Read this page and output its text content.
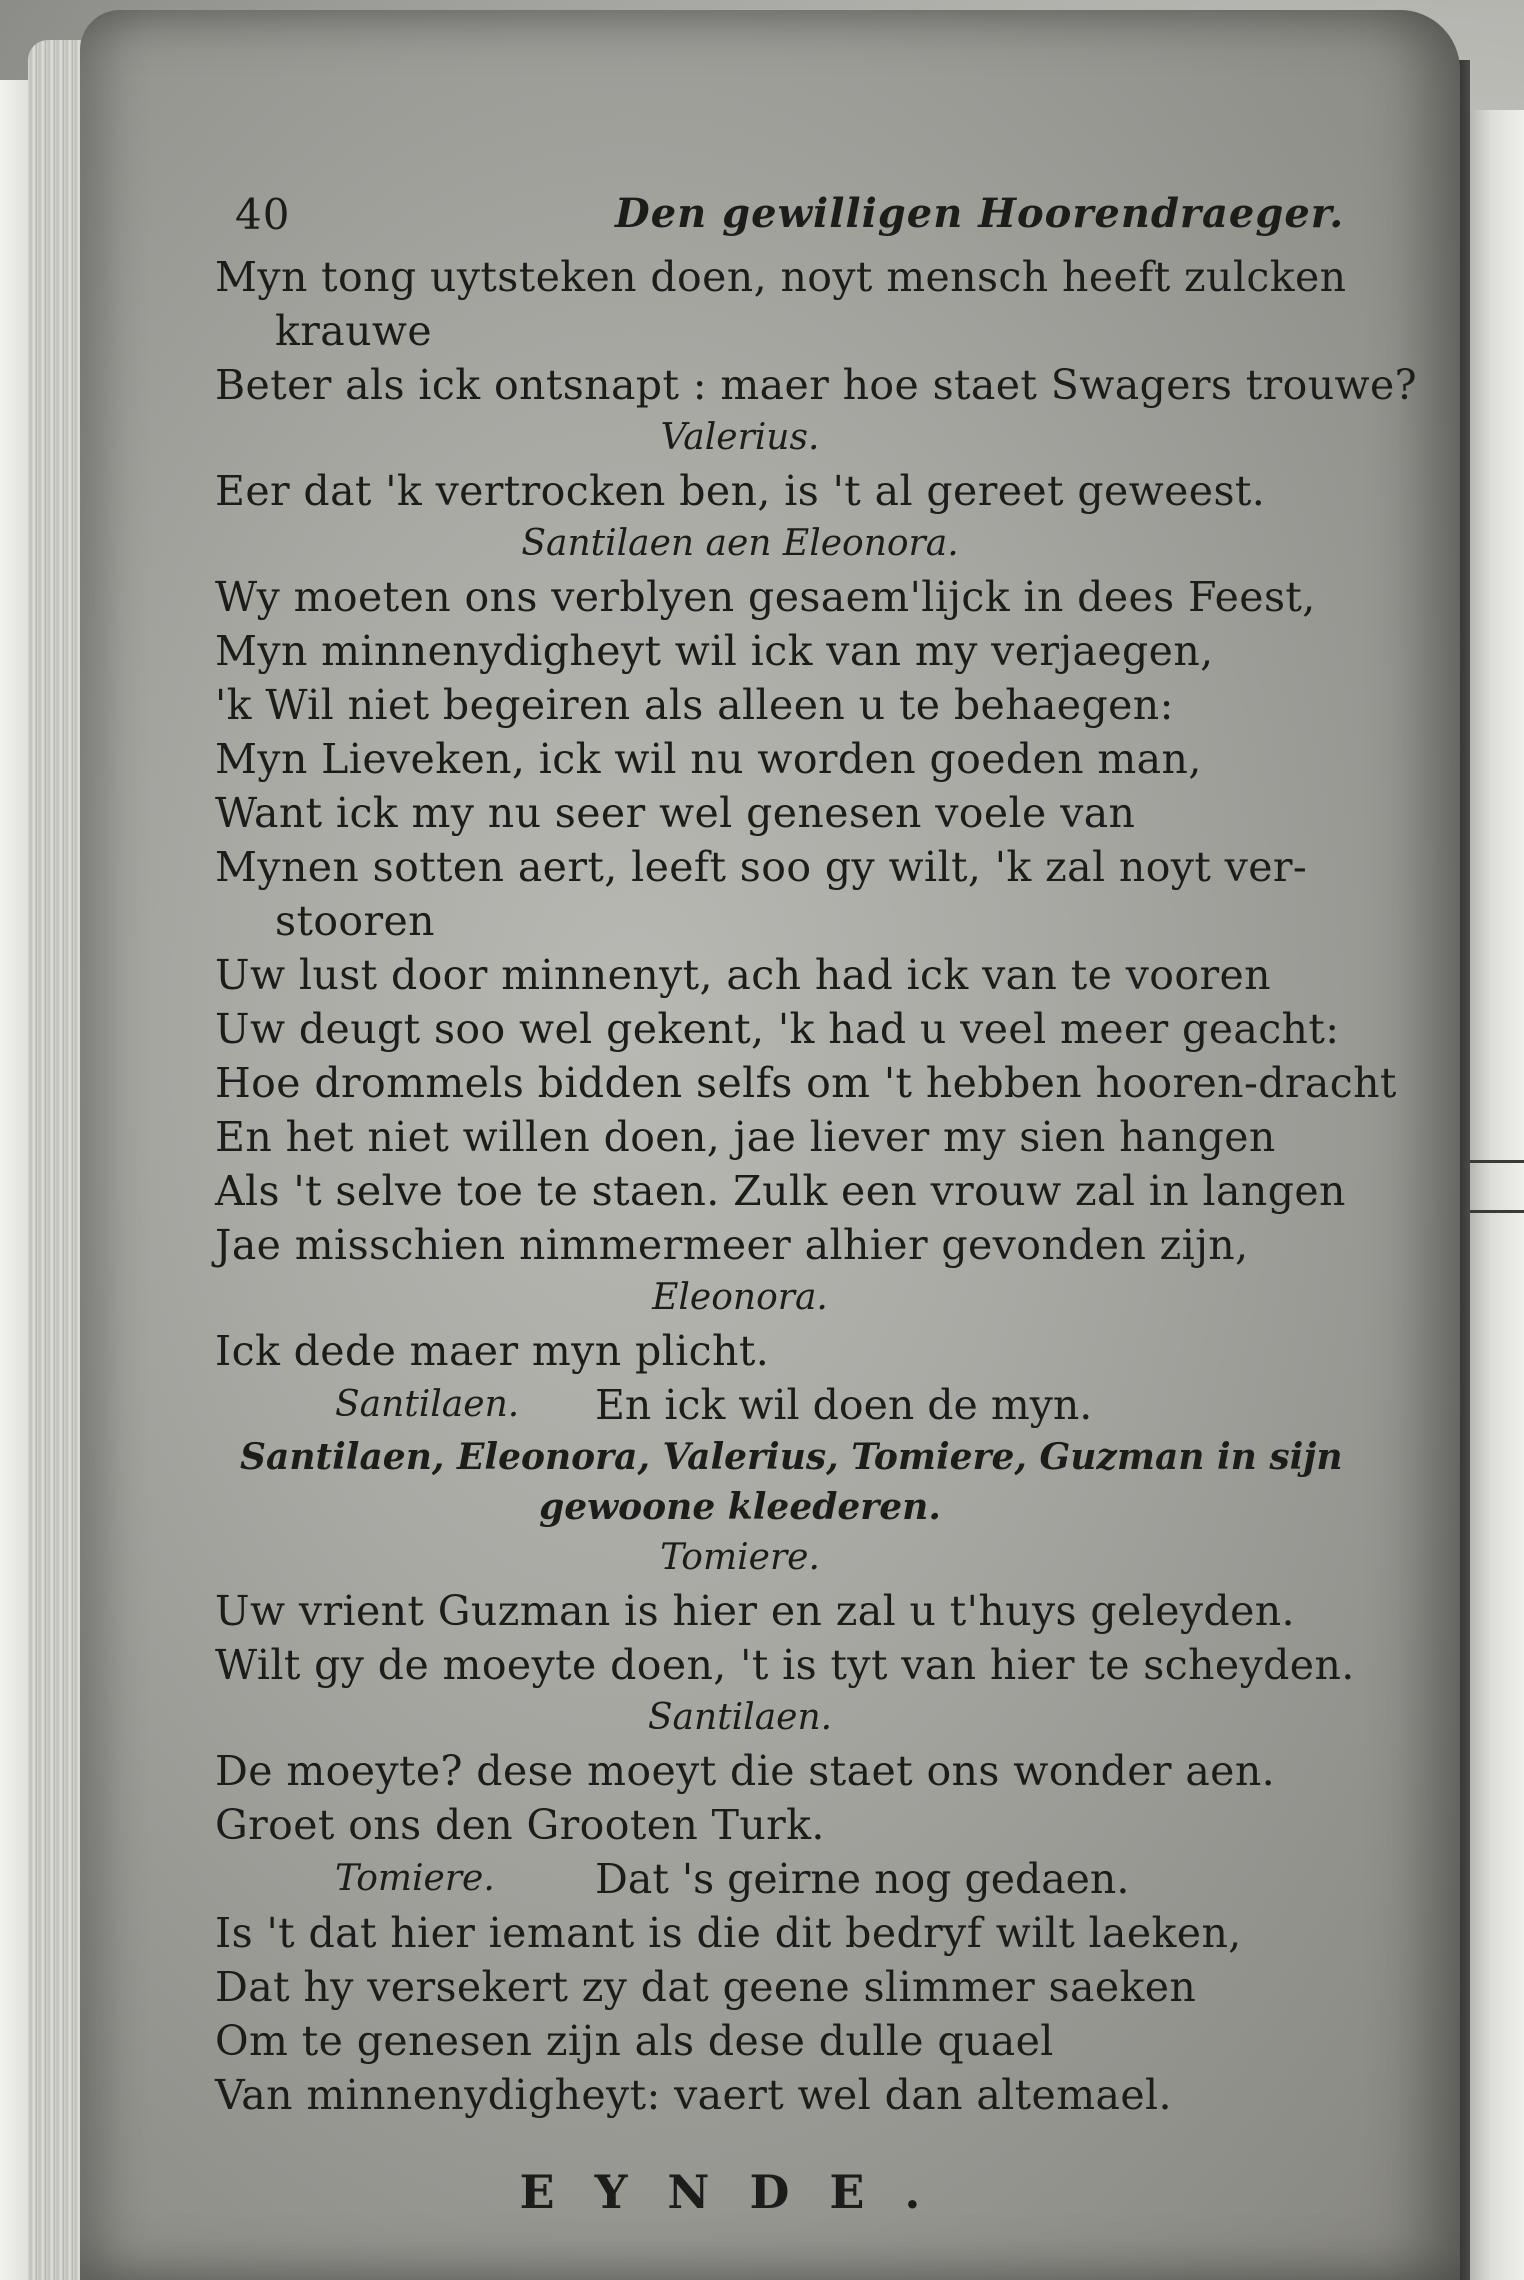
40	Den gewilligen Hoorendraeger.
Myn tong uytsteken doen, noyt mensch heeft zulcken
krauwe
Beter als ick ontsnapt : maer hoe staet Swagers trouwe?
Valerius.
Eer dat 'k vertrocken ben, is 't al gereet geweest.
Santilaen aen Eleonora.
Wy moeten ons verblyen gesaem'lijck in dees Feest,
Myn minnenydigheyt wil ick van my verjaegen,
'k Wil niet begeiren als alleen u te behaegen:
Myn Lieveken, ick wil nu worden goeden man,
Want ick my nu seer wel genesen voele van
Mynen sotten aert, leeft soo gy wilt, 'k zal noyt ver-
stooren
Uw lust door minnenyt, ach had ick van te vooren
Uw deugt soo wel gekent, 'k had u veel meer geacht:
Hoe drommels bidden selfs om 't hebben hooren-dracht
En het niet willen doen, jae liever my sien hangen
Als 't selve toe te staen. Zulk een vrouw zal in langen
Jae misschien nimmermeer alhier gevonden zijn,
Eleonora.
Ick dede maer myn plicht.
Santilaen. En ick wil doen de myn.
Santilaen, Eleonora, Valerius, Tomiere, Guzman in sijn
gewoone kleederen.
Tomiere.
Uw vrient Guzman is hier en zal u t'huys geleyden.
Wilt gy de moeyte doen, 't is tyt van hier te scheyden.
Santilaen.
De moeyte? dese moeyt die staet ons wonder aen.
Groet ons den Grooten Turk.
Tomiere. Dat 's geirne nog gedaen.
Is 't dat hier iemant is die dit bedryf wilt laeken,
Dat hy versekert zy dat geene slimmer saeken
Om te genesen zijn als dese dulle quael
Van minnenydigheyt: vaert wel dan altemael.
EYNDE.
